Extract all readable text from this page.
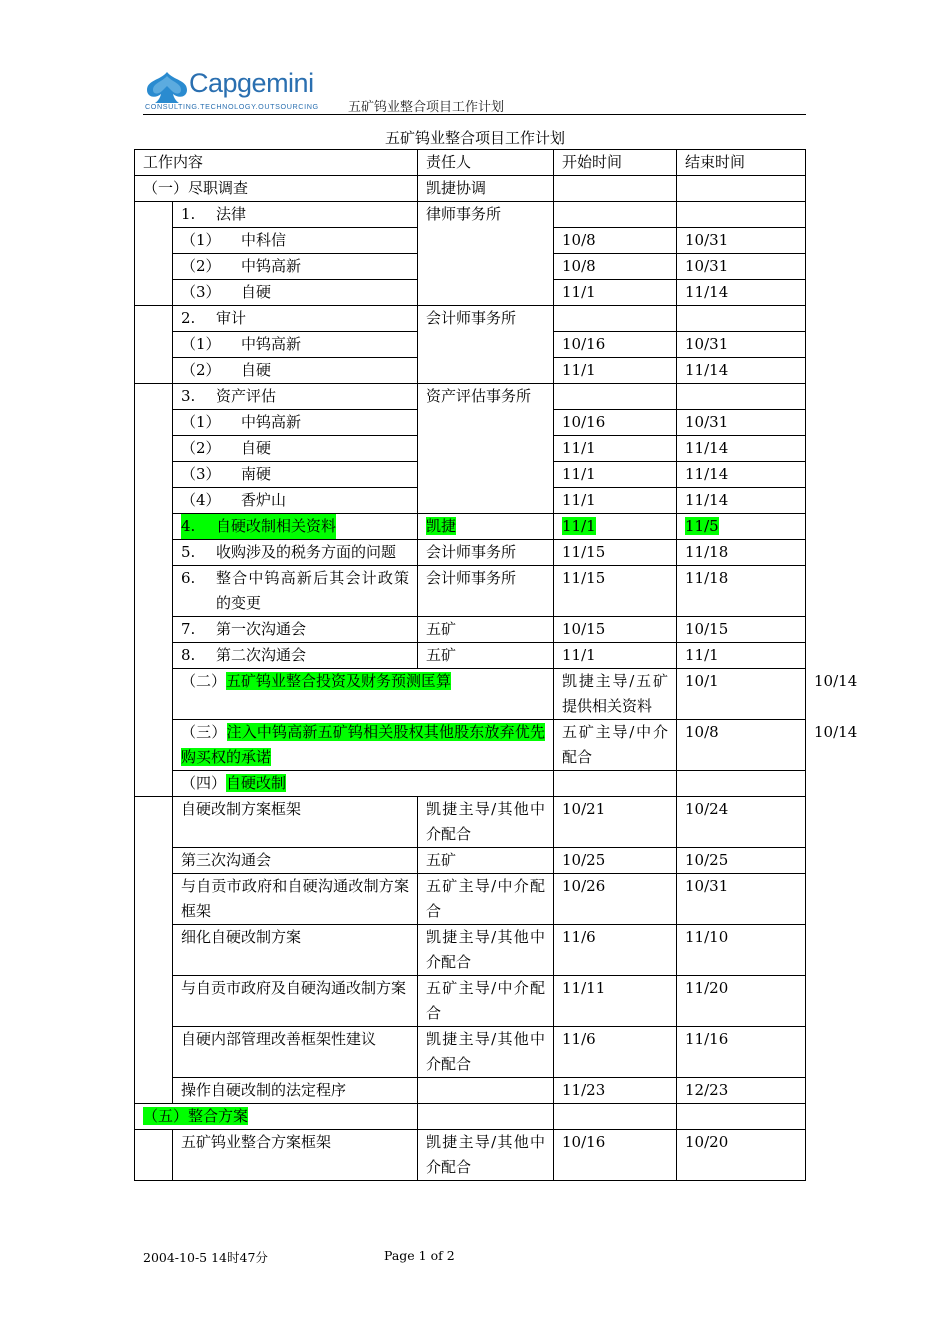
Capgemini
CONSULTING.TECHNOLOGY.OUTSOURCING 五矿钨业整合项目工作计划
五矿钨业整合项目工作计划
工作内容		责任人	开始时间	结束时间	
（一）尽职调查		凯捷协调			

	1. 法律	律师事务所			

	（1） 中科信		10/8	10/31	

	（2） 中钨高新		10/8	10/31	

	（3） 自硬		11/1	11/14	

	2. 审计	会计师事务所			

	（1） 中钨高新		10/16	10/31	

	（2） 自硬		11/1	11/14	

	3. 资产评估	资产评估事务所			

	（1） 中钨高新		10/16	10/31	

	（2） 自硬		11/1	11/14	

	（3） 南硬		11/1	11/14	

	（4） 香炉山		11/1	11/14	

	4. 自硬改制相关资料	凯捷	11/1	11/5	

	5. 收购涉及的税务方面的问题	会计师事务所	11/15	11/18	

	6. 整合中钨高新后其会计政策的变更	会计师事务所	11/15	11/18	

	7. 第一次沟通会	五矿	10/15	10/15	

	8. 第二次沟通会	五矿	11/1	11/1	
	（二）五矿钨业整合投资及财务预测匡算		凯捷主导/五矿提供相关资料	10/1	10/14
	（三）注入中钨高新五矿钨相关股权其他股东放弃优先购买权的承诺		五矿主导/中介配合	10/8	10/14
	（四）自硬改制				
	自硬改制方案框架	凯捷主导/其他中介配合	10/21	10/24	
	第三次沟通会	五矿	10/25	10/25	
	与自贡市政府和自硬沟通改制方案框架	五矿主导/中介配合	10/26	10/31	
	细化自硬改制方案	凯捷主导/其他中介配合	11/6	11/10	
	与自贡市政府及自硬沟通改制方案	五矿主导/中介配合	11/11	11/20	
	自硬内部管理改善框架性建议	凯捷主导/其他中介配合	11/6	11/16	
	操作自硬改制的法定程序		11/23	12/23	
（五）整合方案					
	五矿钨业整合方案框架	凯捷主导/其他中介配合	10/16	10/20	
2004-10-5 14时47分	Page 1 of 2
